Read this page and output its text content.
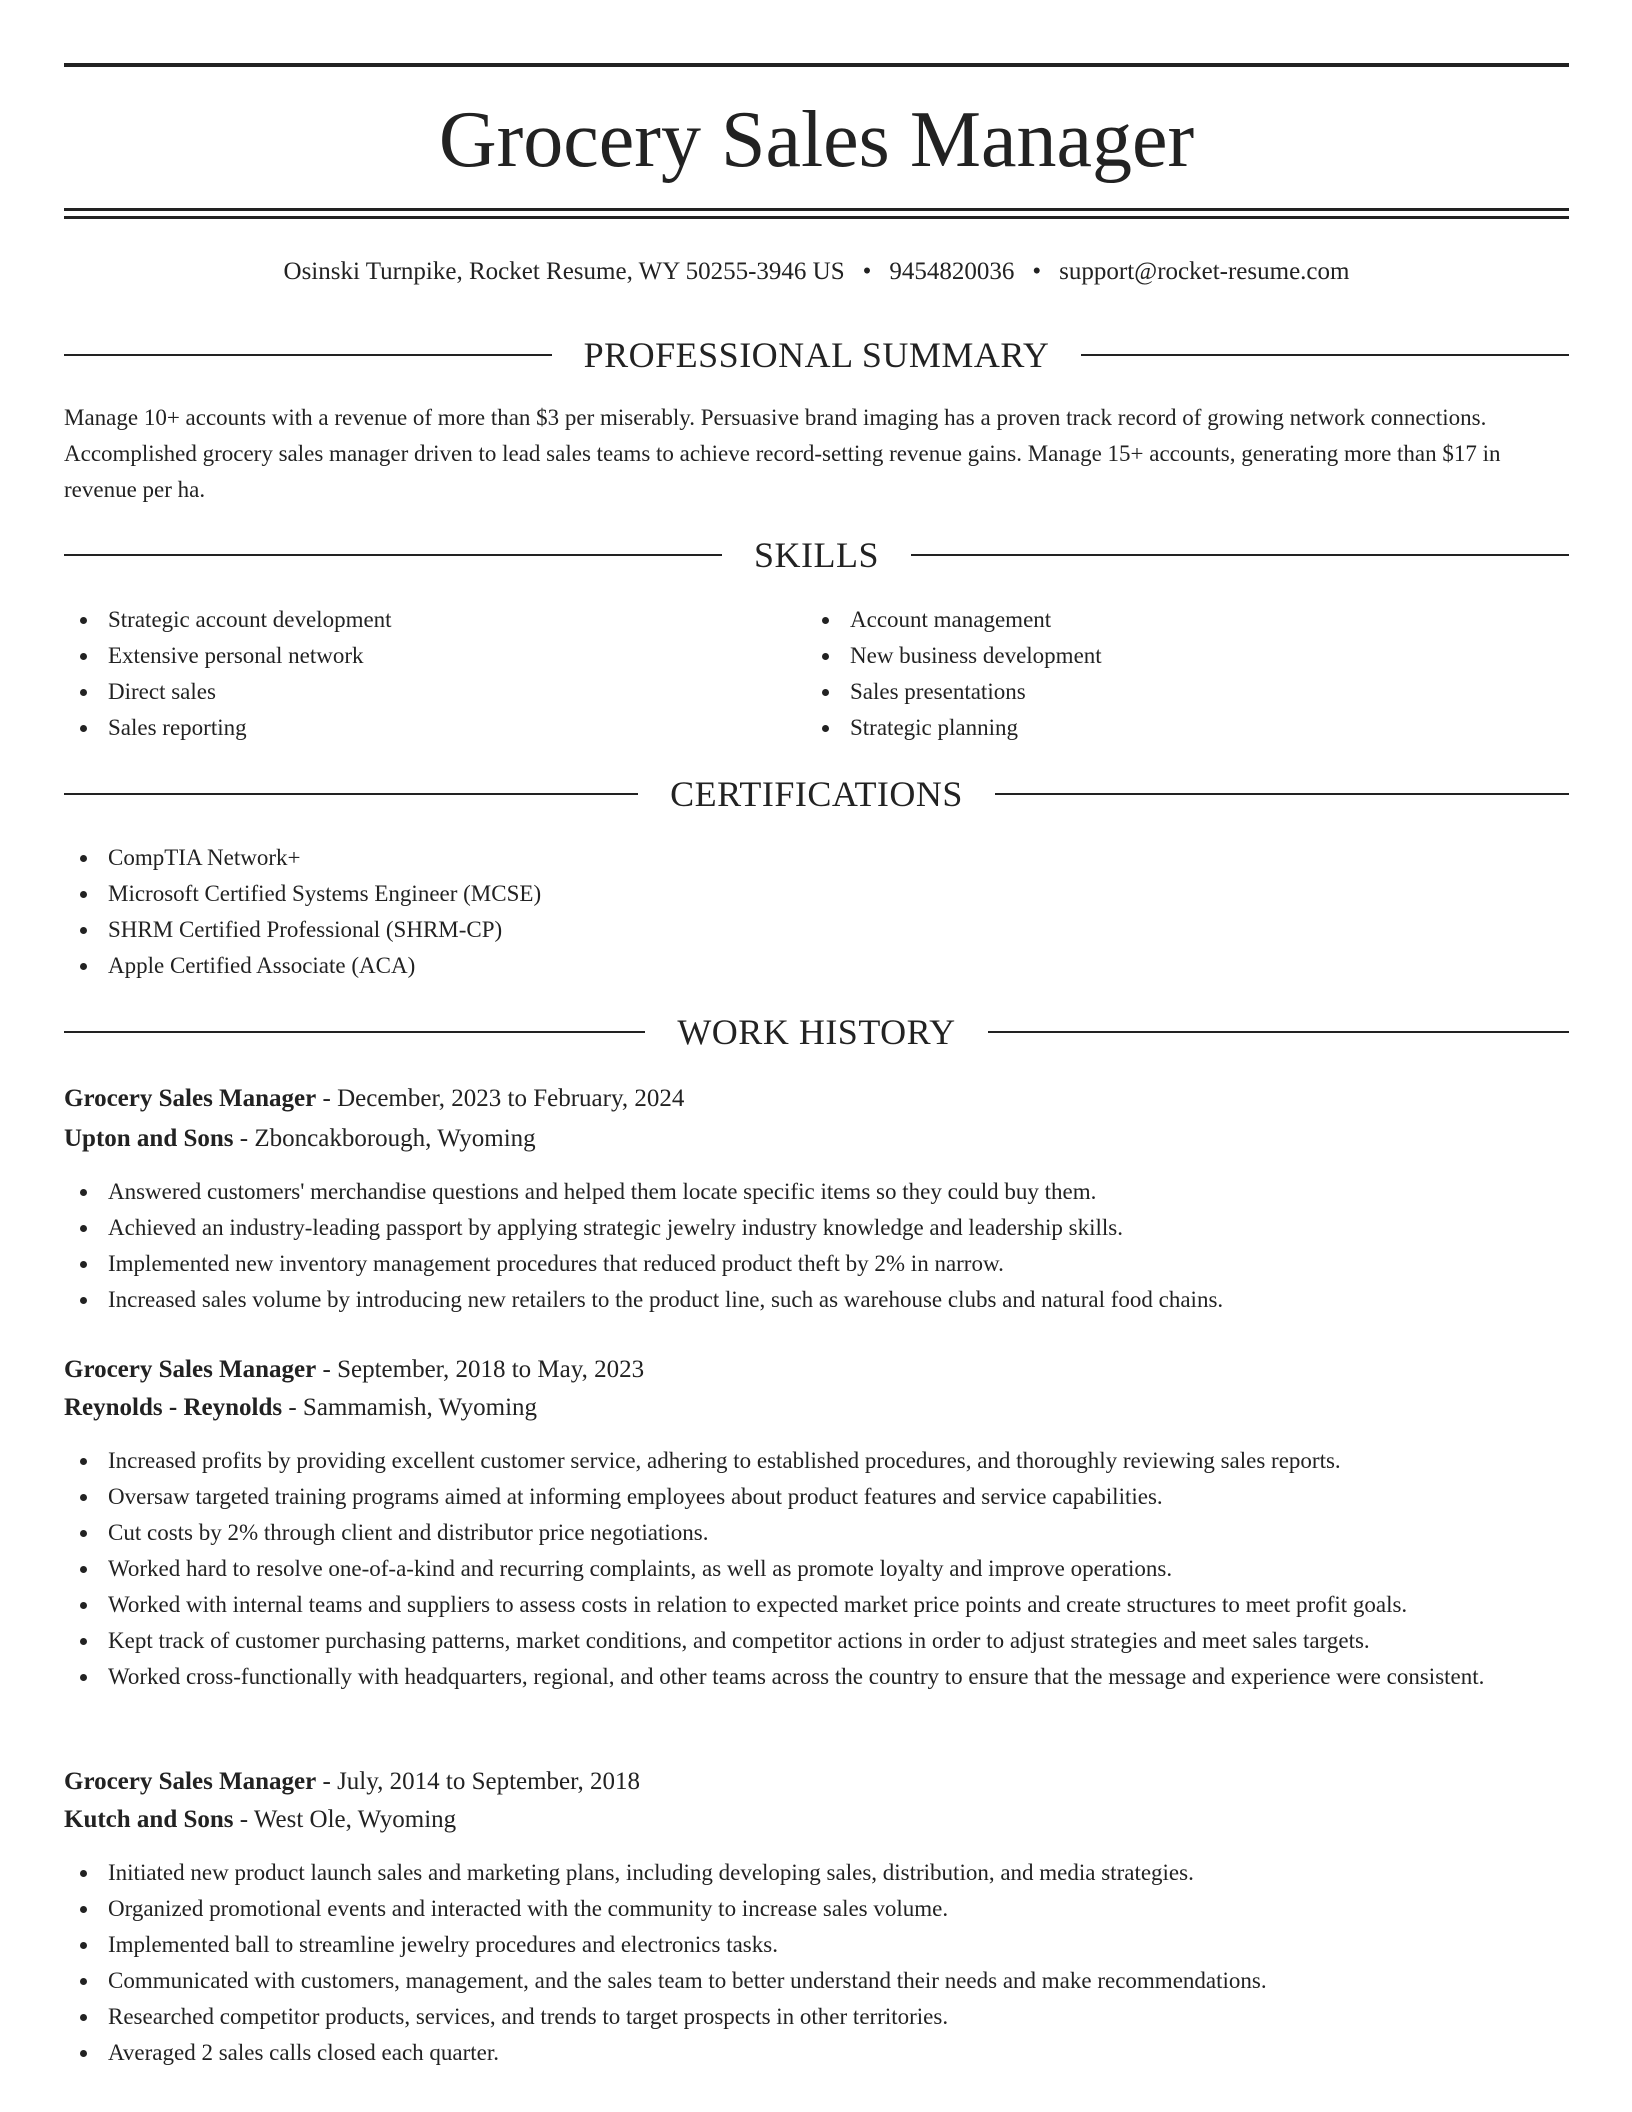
Grocery Sales Manager
Osinski Turnpike, Rocket Resume, WY 50255-3946 US • 9454820036 • support@rocket-resume.com
PROFESSIONAL SUMMARY

Manage 10+ accounts with a revenue of more than $3 per miserably. Persuasive brand imaging has a proven track record of growing network connections. Accomplished grocery sales manager driven to lead sales teams to achieve record-setting revenue gains. Manage 15+ accounts, generating more than $17 in revenue per ha.

SKILLS
Strategic account development
Extensive personal network
Direct sales
Sales reporting
Account management
New business development
Sales presentations
Strategic planning
CERTIFICATIONS
CompTIA Network+
Microsoft Certified Systems Engineer (MCSE)
SHRM Certified Professional (SHRM-CP)
Apple Certified Associate (ACA)
WORK HISTORY
Grocery Sales Manager - December, 2023 to February, 2024
Upton and Sons - Zboncakborough, Wyoming
Answered customers' merchandise questions and helped them locate specific items so they could buy them.
Achieved an industry-leading passport by applying strategic jewelry industry knowledge and leadership skills.
Implemented new inventory management procedures that reduced product theft by 2% in narrow.
Increased sales volume by introducing new retailers to the product line, such as warehouse clubs and natural food chains.
Grocery Sales Manager - September, 2018 to May, 2023
Reynolds - Reynolds - Sammamish, Wyoming
Increased profits by providing excellent customer service, adhering to established procedures, and thoroughly reviewing sales reports.
Oversaw targeted training programs aimed at informing employees about product features and service capabilities.
Cut costs by 2% through client and distributor price negotiations.
Worked hard to resolve one-of-a-kind and recurring complaints, as well as promote loyalty and improve operations.
Worked with internal teams and suppliers to assess costs in relation to expected market price points and create structures to meet profit goals.
Kept track of customer purchasing patterns, market conditions, and competitor actions in order to adjust strategies and meet sales targets.
Worked cross-functionally with headquarters, regional, and other teams across the country to ensure that the message and experience were consistent.
Grocery Sales Manager - July, 2014 to September, 2018
Kutch and Sons - West Ole, Wyoming
Initiated new product launch sales and marketing plans, including developing sales, distribution, and media strategies.
Organized promotional events and interacted with the community to increase sales volume.
Implemented ball to streamline jewelry procedures and electronics tasks.
Communicated with customers, management, and the sales team to better understand their needs and make recommendations.
Researched competitor products, services, and trends to target prospects in other territories.
Averaged 2 sales calls closed each quarter.
